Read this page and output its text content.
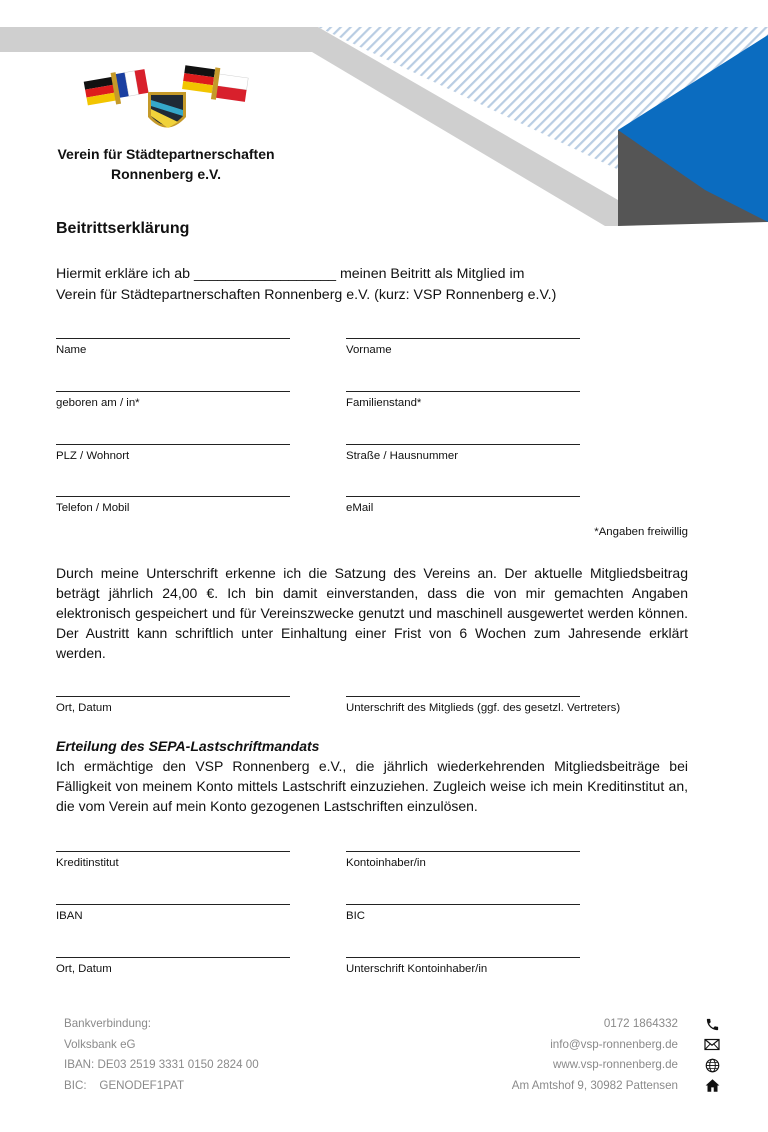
Verein für Städtepartnerschaften
Ronnenberg e.V.
Beitrittserklärung
Hiermit erkläre ich ab __________________ meinen Beitritt als Mitglied im
Verein für Städtepartnerschaften Ronnenberg e.V. (kurz: VSP Ronnenberg e.V.)
Name	Vorname
geboren am / in*	Familienstand*
PLZ / Wohnort	Straße / Hausnummer
Telefon / Mobil	eMail
*Angaben freiwillig
Durch meine Unterschrift erkenne ich die Satzung des Vereins an. Der aktuelle Mitgliedsbeitrag beträgt jährlich 24,00 €. Ich bin damit einverstanden, dass die von mir gemachten Angaben elektronisch gespeichert und für Vereinszwecke genutzt und maschinell ausgewertet werden können. Der Austritt kann schriftlich unter Einhaltung einer Frist von 6 Wochen zum Jahresende erklärt werden.
Ort, Datum	Unterschrift des Mitglieds (ggf. des gesetzl. Vertreters)
Erteilung des SEPA-Lastschriftmandats
Ich ermächtige den VSP Ronnenberg e.V., die jährlich wiederkehrenden Mitgliedsbeiträge bei Fälligkeit von meinem Konto mittels Lastschrift einzuziehen. Zugleich weise ich mein Kreditinstitut an, die vom Verein auf mein Konto gezogenen Lastschriften einzulösen.
Kreditinstitut	Kontoinhaber/in
IBAN	BIC
Ort, Datum	Unterschrift Kontoinhaber/in
Bankverbindung:
Volksbank eG
IBAN: DE03 2519 3331 0150 2824 00
BIC:    GENODEF1PAT
0172 1864332
info@vsp-ronnenberg.de
www.vsp-ronnenberg.de
Am Amtshof 9, 30982 Pattensen
